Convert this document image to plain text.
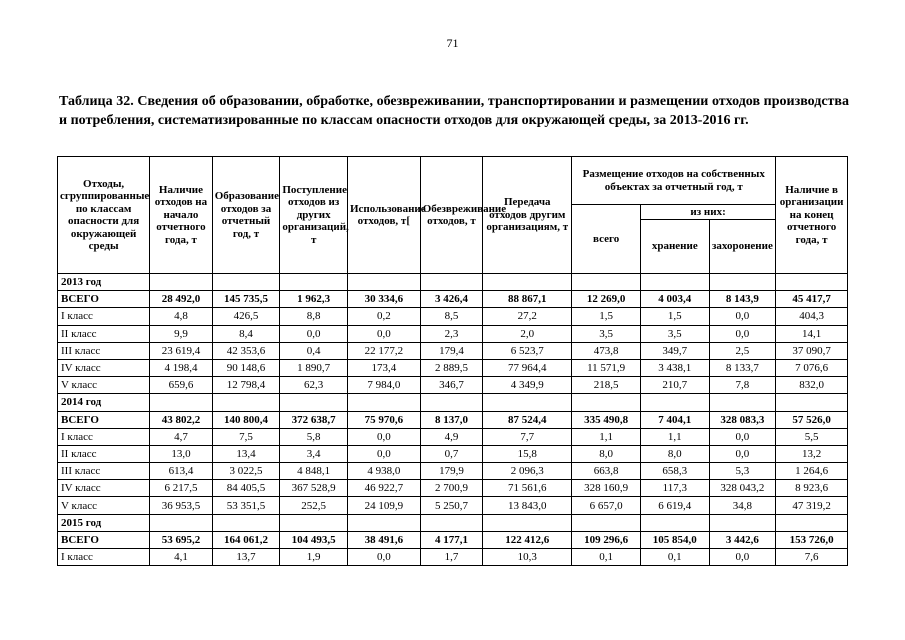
71
Таблица 32. Сведения об образовании, обработке, обезвреживании, транспортировании и размещении отходов производства и потребления, систематизированные по классам опасности отходов для окружающей среды, за 2013-2016 гг.
Отходы, сгруппированные по классам опасности для окружающей среды	Наличие отходов на начало отчетного года, т	Образование отходов за отчетный год, т	Поступление отходов из других организаций, т	Использование отходов, т[	Обезвреживание отходов, т	Передача отходов другим организациям, т	Размещение отходов на собственных объектах за отчетный год, т			Наличие в организации на конец отчетного года, т
							всего	из них:		
								хранение	захоронение	
2013 год										
ВСЕГО	28 492,0	145 735,5	1 962,3	30 334,6	3 426,4	88 867,1	12 269,0	4 003,4	8 143,9	45 417,7
I класс	4,8	426,5	8,8	0,2	8,5	27,2	1,5	1,5	0,0	404,3
II класс	9,9	8,4	0,0	0,0	2,3	2,0	3,5	3,5	0,0	14,1
III класс	23 619,4	42 353,6	0,4	22 177,2	179,4	6 523,7	473,8	349,7	2,5	37 090,7
IV класс	4 198,4	90 148,6	1 890,7	173,4	2 889,5	77 964,4	11 571,9	3 438,1	8 133,7	7 076,6
V класс	659,6	12 798,4	62,3	7 984,0	346,7	4 349,9	218,5	210,7	7,8	832,0
2014 год										
ВСЕГО	43 802,2	140 800,4	372 638,7	75 970,6	8 137,0	87 524,4	335 490,8	7 404,1	328 083,3	57 526,0
I класс	4,7	7,5	5,8	0,0	4,9	7,7	1,1	1,1	0,0	5,5
II класс	13,0	13,4	3,4	0,0	0,7	15,8	8,0	8,0	0,0	13,2
III класс	613,4	3 022,5	4 848,1	4 938,0	179,9	2 096,3	663,8	658,3	5,3	1 264,6
IV класс	6 217,5	84 405,5	367 528,9	46 922,7	2 700,9	71 561,6	328 160,9	117,3	328 043,2	8 923,6
V класс	36 953,5	53 351,5	252,5	24 109,9	5 250,7	13 843,0	6 657,0	6 619,4	34,8	47 319,2
2015 год										
ВСЕГО	53 695,2	164 061,2	104 493,5	38 491,6	4 177,1	122 412,6	109 296,6	105 854,0	3 442,6	153 726,0
I класс	4,1	13,7	1,9	0,0	1,7	10,3	0,1	0,1	0,0	7,6
